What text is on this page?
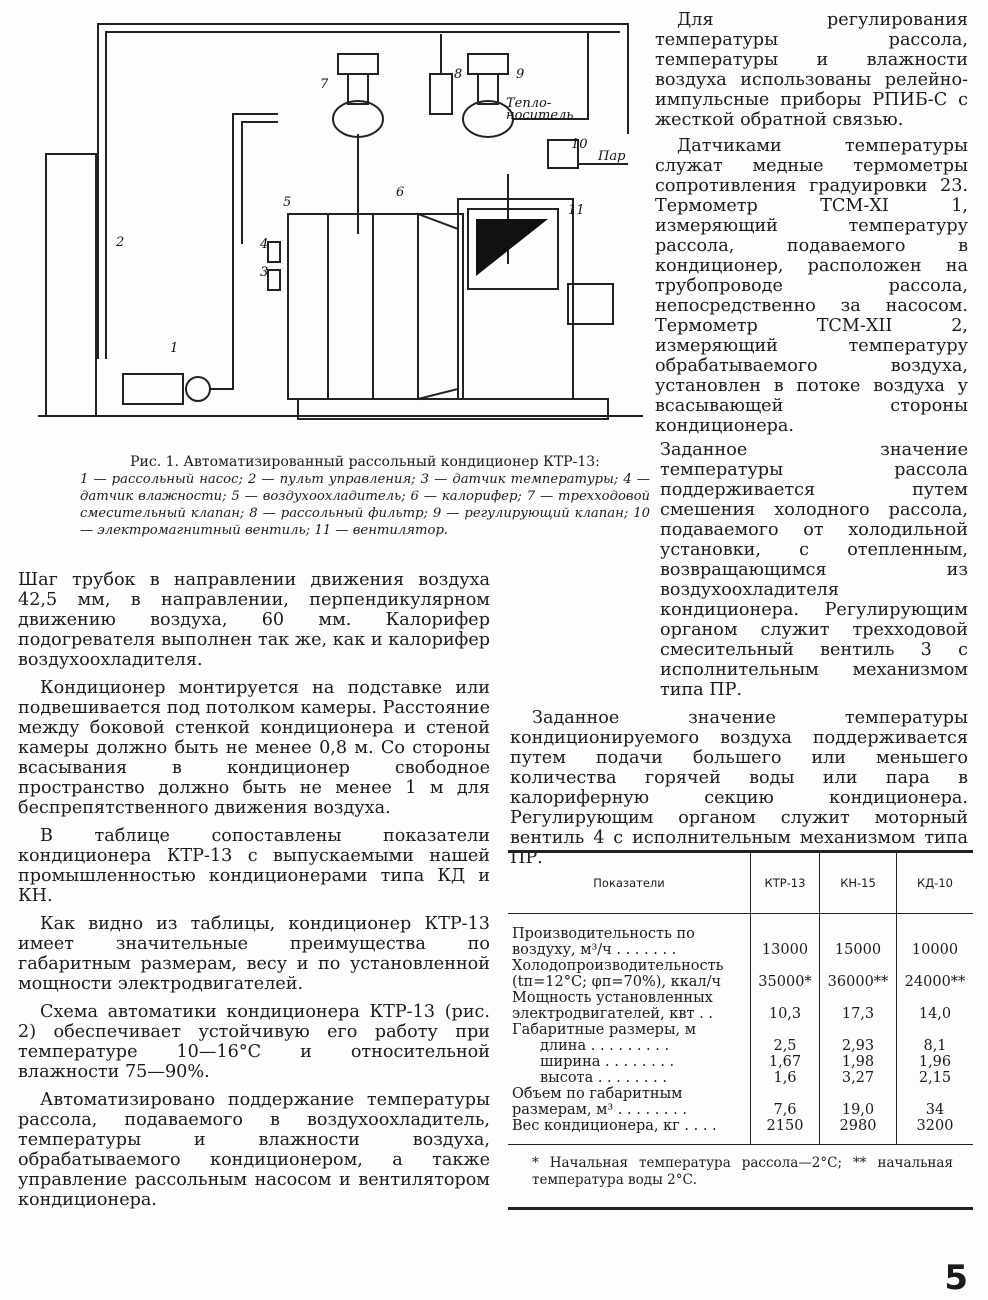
1
2
3
4
5
6
7
8	9
10
11
Тепло-носитель
Пар

Рис. 1. Автоматизированный рассольный кондиционер КТР-13:

1 — рассольный насос; 2 — пульт управления; 3 — датчик температуры; 4 — датчик влажности; 5 — воздухоохладитель; 6 — калорифер; 7 — трехходовой смесительный клапан; 8 — рассольный фильтр; 9 — регулирующий клапан; 10 — электромагнитный вентиль; 11 — вентилятор.

Для регулирования температуры рассола, температуры и влажности воздуха использованы релейно-импульсные приборы РПИБ-С с жесткой обратной связью.

Датчиками температуры служат медные термометры сопротивления градуировки 23. Термометр ТСМ-XI 1, измеряющий температуру рассола, подаваемого в кондиционер, расположен на трубопроводе рассола, непосредственно за насосом. Термометр ТСМ-XII 2, измеряющий температуру обрабатываемого воздуха, установлен в потоке воздуха у всасывающей стороны кондиционера.

Заданное значение температуры рассола поддерживается путем смешения холодного рассола, подаваемого от холодильной установки, с отепленным, возвращающимся из воздухоохладителя кондиционера. Регулирующим органом служит трехходовой смесительный вентиль 3 с исполнительным механизмом типа ПР.

Заданное значение температуры кондиционируемого воздуха поддерживается путем подачи большего или меньшего количества горячей воды или пара в калориферную секцию кондиционера. Регулирующим органом служит моторный вентиль 4 с исполнительным механизмом типа ПР.

Шаг трубок в направлении движения воздуха 42,5 мм, в направлении, перпендикулярном движению воздуха, 60 мм. Калорифер подогревателя выполнен так же, как и калорифер воздухоохладителя.

Кондиционер монтируется на подставке или подвешивается под потолком камеры. Расстояние между боковой стенкой кондиционера и стеной камеры должно быть не менее 0,8 м. Со стороны всасывания в кондиционер свободное пространство должно быть не менее 1 м для беспрепятственного движения воздуха.

В таблице сопоставлены показатели кондиционера КТР-13 с выпускаемыми нашей промышленностью кондиционерами типа КД и КН.

Как видно из таблицы, кондиционер КТР-13 имеет значительные преимущества по габаритным размерам, весу и по установленной мощности электродвигателей.

Схема автоматики кондиционера КТР-13 (рис. 2) обеспечивает устойчивую его работу при температуре 10—16°С и относительной влажности 75—90%.

Автоматизировано поддержание температуры рассола, подаваемого в воздухоохладитель, температуры и влажности воздуха, обрабатываемого кондиционером, а также управление рассольным насосом и вентилятором кондиционера.

Показатели	КТР-13	КН-15	КД-10
Производительность по воздуху, м³/ч . . . . . . .	13000	15000	10000
Холодопроизводительность (tп=12°C; φп=70%), ккал/ч	35000*	36000**	24000**
Мощность установленных электродвигателей, квт . .	10,3	17,3	14,0
Габаритные размеры, м			
длина . . . . . . . . .	2,5	2,93	8,1
ширина . . . . . . . .	1,67	1,98	1,96
высота . . . . . . . .	1,6	3,27	2,15
Объем по габаритным размерам, м³ . . . . . . . .	7,6	19,0	34
Вес кондиционера, кг . . . .	2150	2980	3200

* Начальная температура рассола—2°С; ** начальная температура воды 2°С.
5
